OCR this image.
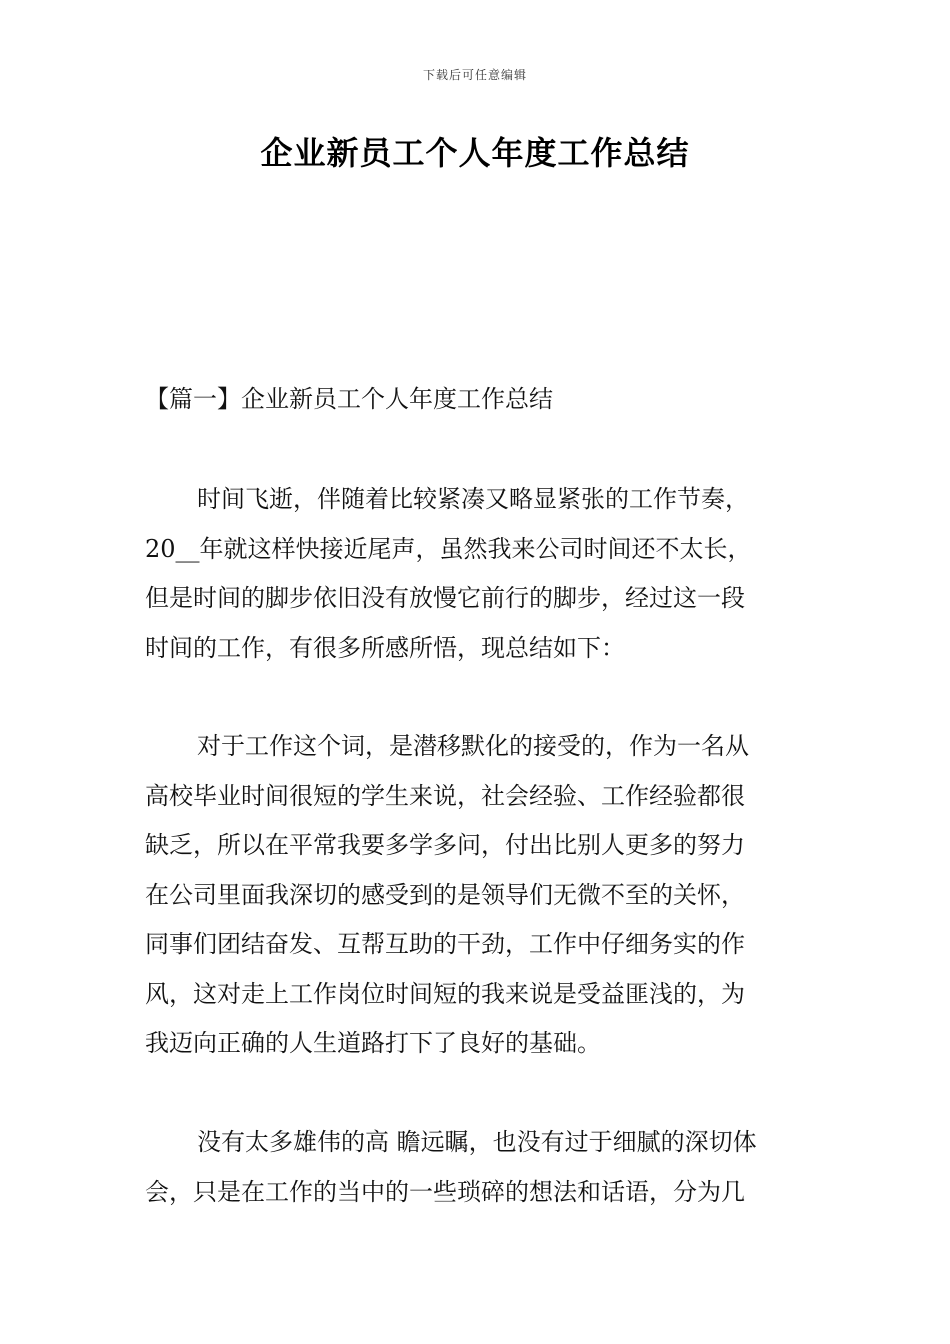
下载后可任意编辑
企业新员工个人年度工作总结
【篇一】企业新员工个人年度工作总结
时间飞逝，伴随着比较紧凑又略显紧张的工作节奏，
20__年就这样快接近尾声，虽然我来公司时间还不太长，
但是时间的脚步依旧没有放慢它前行的脚步，经过这一段
时间的工作，有很多所感所悟，现总结如下：
对于工作这个词，是潜移默化的接受的，作为一名从
高校毕业时间很短的学生来说，社会经验、工作经验都很
缺乏，所以在平常我要多学多问，付出比别人更多的努力
在公司里面我深切的感受到的是领导们无微不至的关怀，
同事们团结奋发、互帮互助的干劲，工作中仔细务实的作
风，这对走上工作岗位时间短的我来说是受益匪浅的，为
我迈向正确的人生道路打下了良好的基础。
没有太多雄伟的高 瞻远瞩，也没有过于细腻的深切体
会，只是在工作的当中的一些琐碎的想法和话语，分为几
